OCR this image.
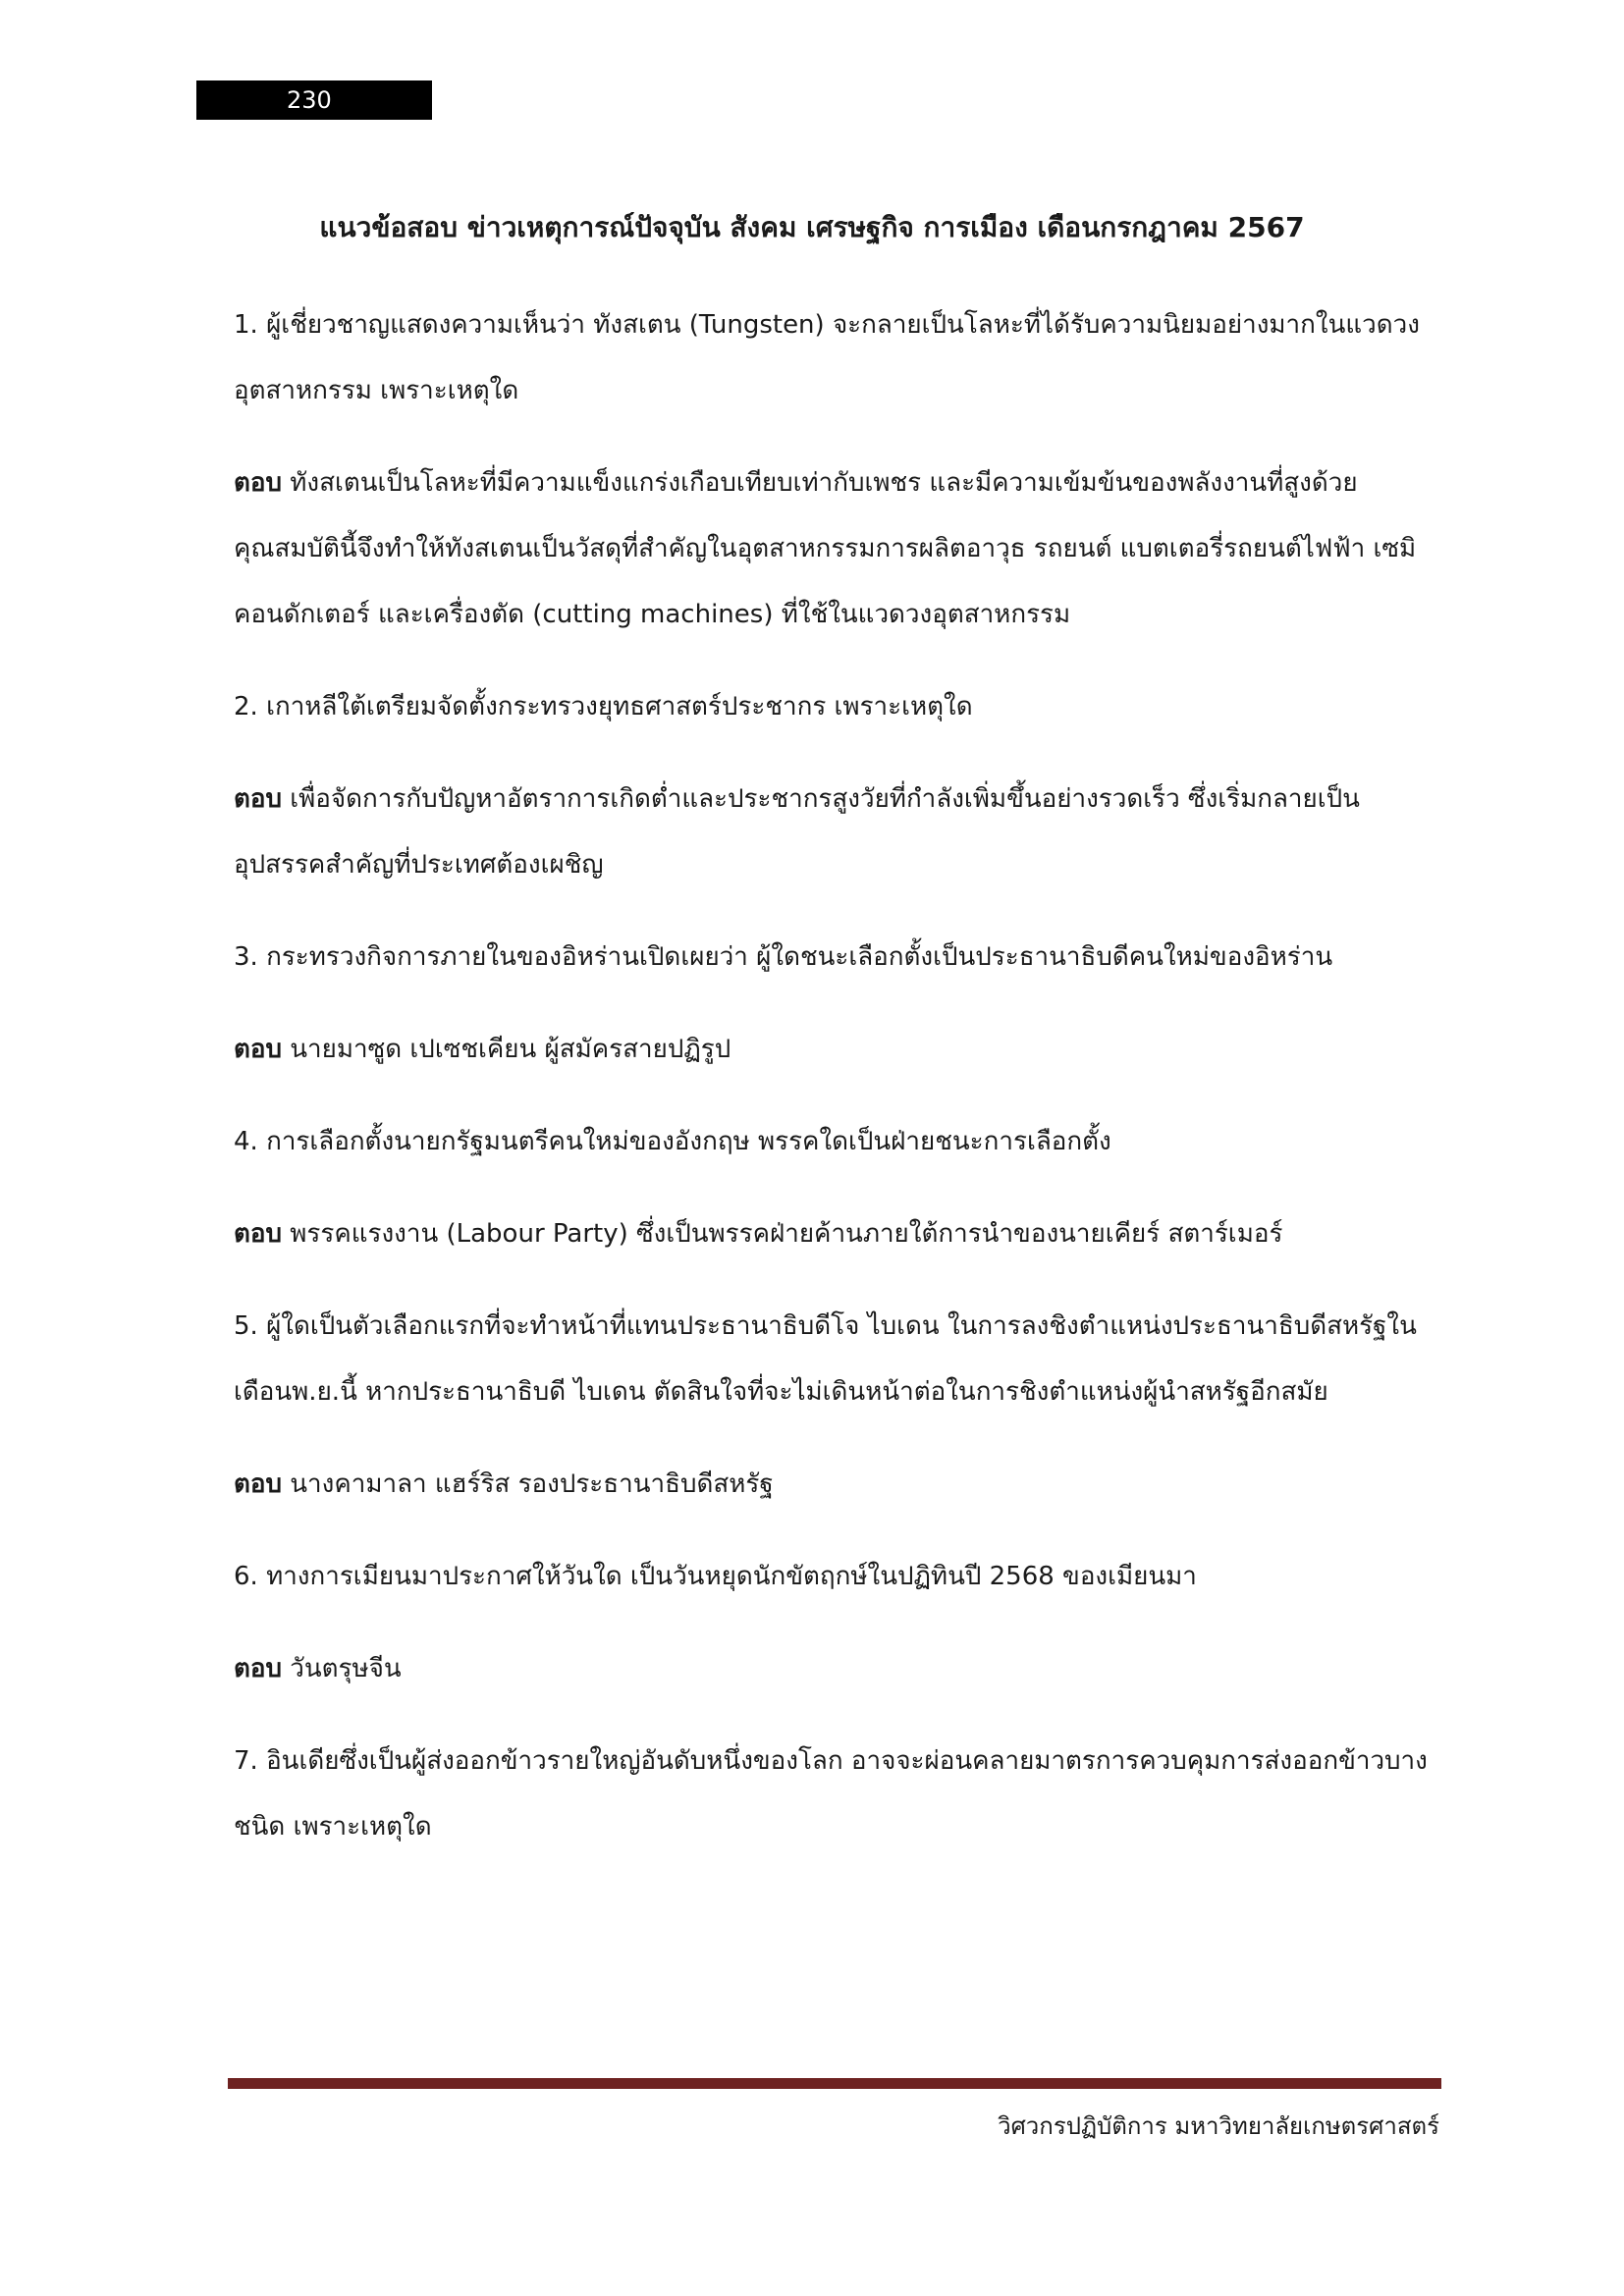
230
แนวข้อสอบ ข่าวเหตุการณ์ปัจจุบัน สังคม เศรษฐกิจ การเมือง เดือนกรกฎาคม 2567

1. ผู้เชี่ยวชาญแสดงความเห็นว่า ทังสเตน (Tungsten) จะกลายเป็นโลหะที่ได้รับความนิยมอย่างมากในแวดวงอุตสาหกรรม เพราะเหตุใด

ตอบ ทังสเตนเป็นโลหะที่มีความแข็งแกร่งเกือบเทียบเท่ากับเพชร และมีความเข้มข้นของพลังงานที่สูงด้วย คุณสมบัตินี้จึงทำให้ทังสเตนเป็นวัสดุที่สำคัญในอุตสาหกรรมการผลิตอาวุธ รถยนต์ แบตเตอรี่รถยนต์ไฟฟ้า เซมิคอนดักเตอร์ และเครื่องตัด (cutting machines) ที่ใช้ในแวดวงอุตสาหกรรม

2. เกาหลีใต้เตรียมจัดตั้งกระทรวงยุทธศาสตร์ประชากร เพราะเหตุใด

ตอบ เพื่อจัดการกับปัญหาอัตราการเกิดต่ำและประชากรสูงวัยที่กำลังเพิ่มขึ้นอย่างรวดเร็ว ซึ่งเริ่มกลายเป็นอุปสรรคสำคัญที่ประเทศต้องเผชิญ

3. กระทรวงกิจการภายในของอิหร่านเปิดเผยว่า ผู้ใดชนะเลือกตั้งเป็นประธานาธิบดีคนใหม่ของอิหร่าน

ตอบ นายมาซูด เปเซชเคียน ผู้สมัครสายปฏิรูป

4. การเลือกตั้งนายกรัฐมนตรีคนใหม่ของอังกฤษ พรรคใดเป็นฝ่ายชนะการเลือกตั้ง

ตอบ พรรคแรงงาน (Labour Party) ซึ่งเป็นพรรคฝ่ายค้านภายใต้การนำของนายเคียร์ สตาร์เมอร์

5. ผู้ใดเป็นตัวเลือกแรกที่จะทำหน้าที่แทนประธานาธิบดีโจ ไบเดน ในการลงชิงตำแหน่งประธานาธิบดีสหรัฐในเดือนพ.ย.นี้ หากประธานาธิบดี ไบเดน ตัดสินใจที่จะไม่เดินหน้าต่อในการชิงตำแหน่งผู้นำสหรัฐอีกสมัย

ตอบ นางคามาลา แฮร์ริส รองประธานาธิบดีสหรัฐ

6. ทางการเมียนมาประกาศให้วันใด เป็นวันหยุดนักขัตฤกษ์ในปฏิทินปี 2568 ของเมียนมา

ตอบ วันตรุษจีน

7. อินเดียซึ่งเป็นผู้ส่งออกข้าวรายใหญ่อันดับหนึ่งของโลก อาจจะผ่อนคลายมาตรการควบคุมการส่งออกข้าวบางชนิด เพราะเหตุใด

วิศวกรปฏิบัติการ มหาวิทยาลัยเกษตรศาสตร์
